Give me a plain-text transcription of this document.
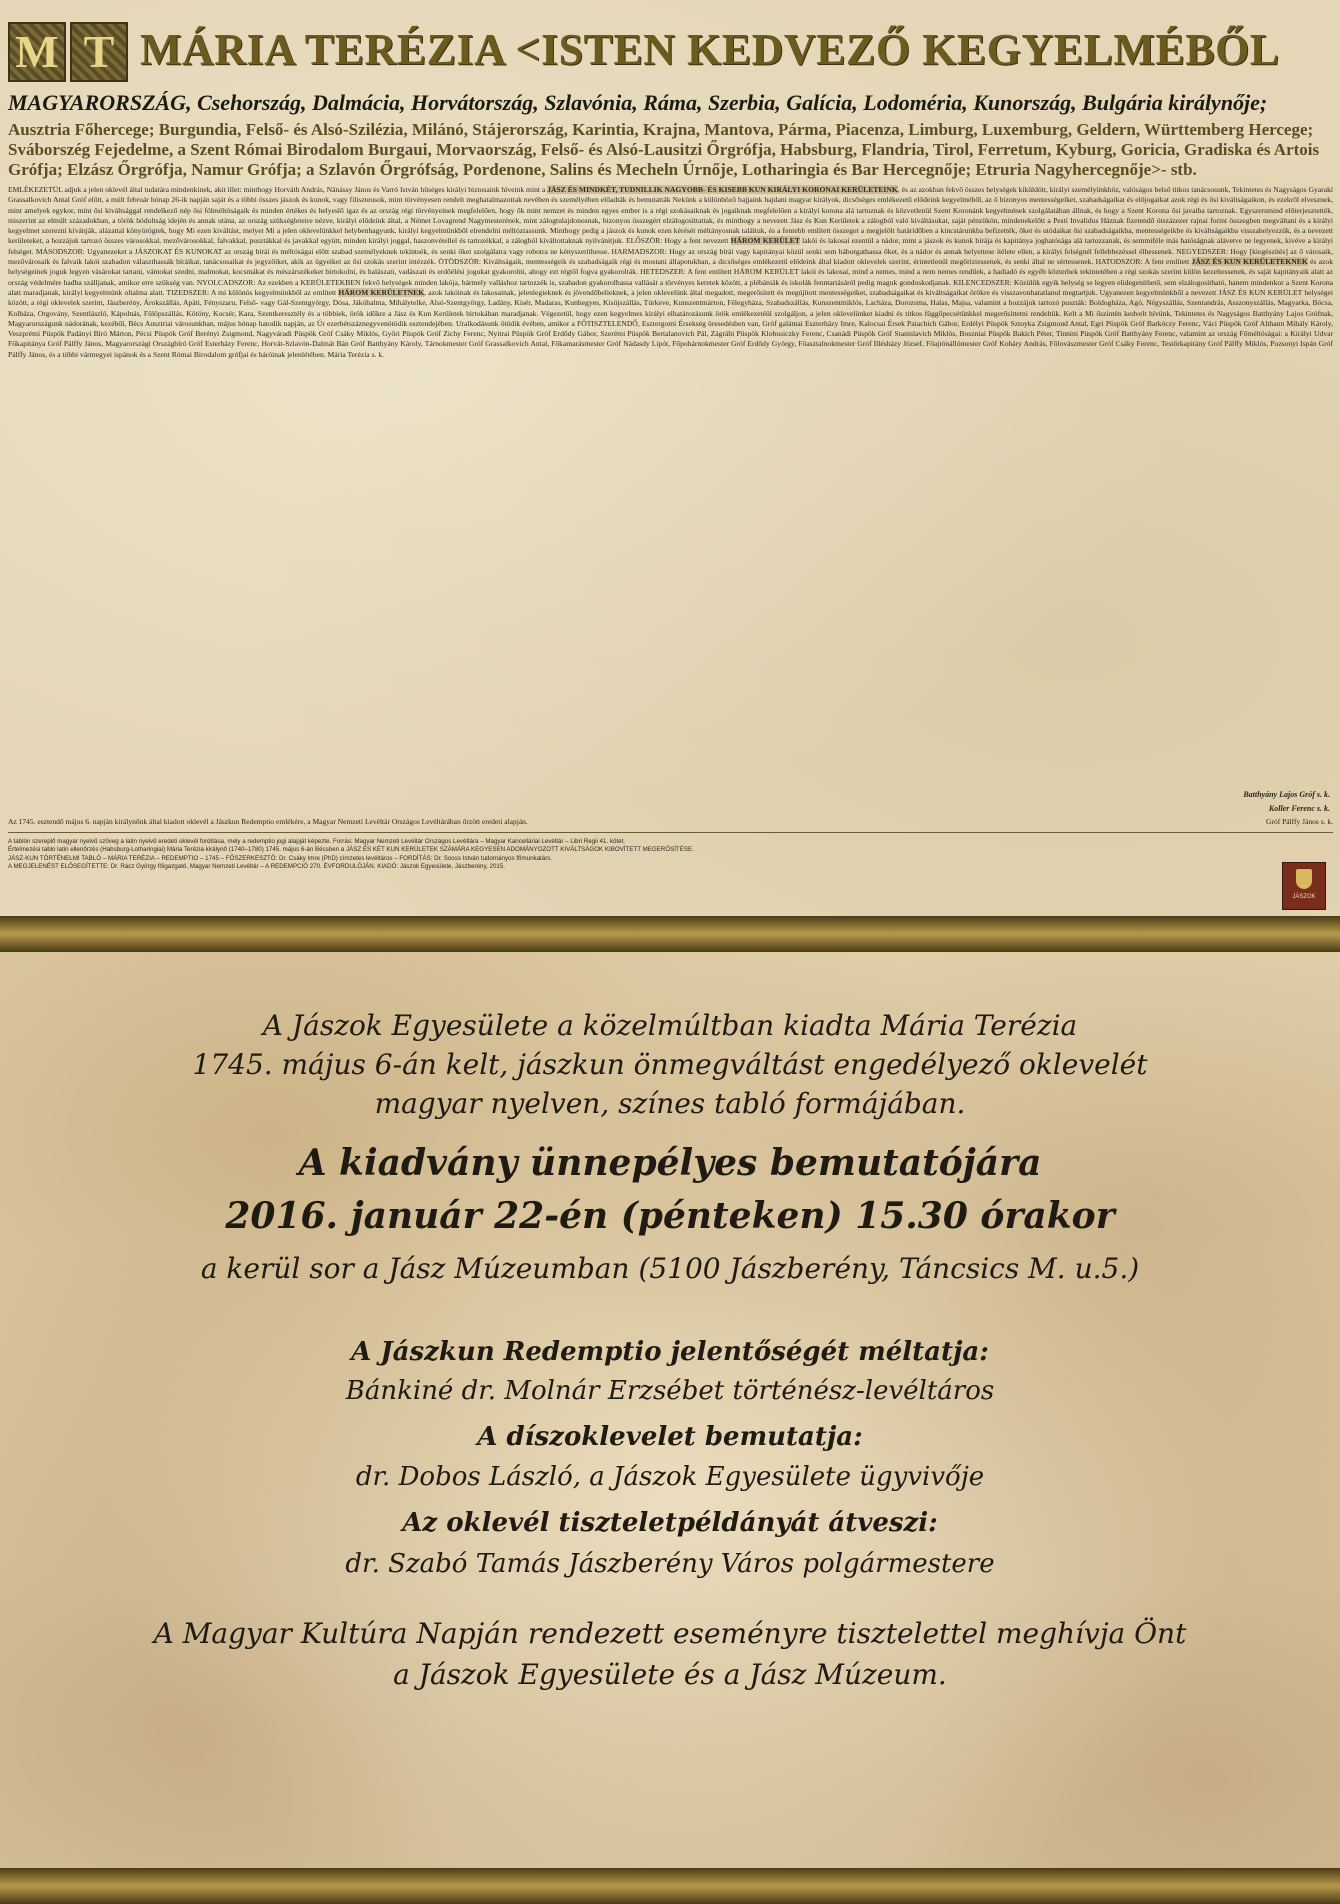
M T MÁRIA TERÉZIA <ISTEN KEDVEZŐ KEGYELMÉBŐL
MAGYARORSZÁG, Csehország, Dalmácia, Horvátország, Szlavónia, Ráma, Szerbia, Galícia, Lodoméria, Kunország, Bulgária királynője;
Ausztria Főhercege; Burgundia, Felső- és Alsó-Sziléziа, Milánó, Stájerország, Karintia, Krajna, Mantova, Párma, Piacenza, Limburg, Luxemburg, Geldern, Württemberg Hercege; Sváborszég Fejedelme, a Szent Római Birodalom Burgaui, Morvaország, Felső- és Alsó-Lausitzi Őrgrófja, Habsburg, Flandria, Tirol, Ferretum, Kyburg, Goricia, Gradiska és Artois Grófja; Elzász Őrgrófja, Namur Grófja; a Szlavón Őrgrófság, Pordenone, Salins és Mecheln Úrnője, Lotharingia és Bar Hercegnője; Etruria Nagyhercegnője>- stb.
EMLÉKEZETÜL adjuk a jelen oklevél által tudatára mindenkinek, akit illet: minthogy Horváth András, Nánássy János és Varró István hűséges királyi biztosaink híveink mint a JÁSZ ÉS MINDKÉT, TUDNILLIK NAGYOBB- ÉS KISEBB KUN KIRÁLYI KORONAI KERÜLETEINK, és az azokban fekvő összes helységek kiküldött, királyi személyünkhöz, valóságos belső titkos tanácsosunk, Tekintetes és Nagyságos Gyarakí Grassalkovich Antal Gróf előtt, a múlt február hónap 26-ik napján saját és a többi összes jászok és kunok, vagy filiszteusok, mint törvényesen rendelt meghatalmazottak nevében és személyében előadták és bemutatták Nekünk a különböző bajjaink hajdani magyar királyok, dicsőséges emlékezetű elődeink kegyelméből, az ő bizonyos mentességeiket, szabadságaikat és előjogaikat azok régi és ősi kiváltságaikon, és ezekről elvesznek, mint amelyek egykor, mint ősi kiváltsággal rendelkező nép ősi fölméltóságaik és minden értékes és helyeslő igaz és az ország régi törvényeinek megfelelően, hogy ők mint nemzet és minden egyes ember is a régi szokásaiknak és jogaiknak megfelelően a királyi korona alá tartoznak és közvetlenül Szent Koronánk kegyelmének szolgálatában állnak, és hogy a Szent Korona ősi javaiba tartoznak. Egyszersmind előterjesztették, miszerint az elmúlt századokban, a török hódoltság idején és annak utána, az ország szükségleteire nézve, királyi elődeink által, a Német Lovagrend Nagymesterének, mint zálogtulajdonosnak, bizonyos összegért elzálogosíttattak, és minthogy a nevezett Jász és Kun Kerületek a zálogból való kiváltásukat, saját pénzükön, mindenekelőtt a Pesti Invalidus Háznak fizetendő ötszázezer rajnai forint összegben megváltani és a királyi kegyelmet szerezni kívánják, alázattal könyörögtek, hogy Mi ezen kiváltást, melyet Mi a jelen oklevelünkkel helybenhagyunk, királyi kegyelmünkből elrendelni méltóztassunk. Minthogy pedig a jászok és kunok ezen kérését méltányosnak találtuk, és a fentebb említett összeget a megjelölt határidőben a kincstárunkba befizették, őket és utódaikat ősi szabadságaikba, mentességeikbe és kiváltságaikba visszahelyezzük, és a nevezett kerületeket, a hozzájuk tartozó összes városokkal, mezővárosokkal, falvakkal, pusztákkal és javakkal együtt, minden királyi joggal, haszonvétellel és tartozékkal, a zálogból kiváltottaknak nyilvánítjuk. ELŐSZÖR: Hogy a fent nevezett HÁROM KERÜLET lakói és lakosai ezentúl a nádor, mint a jászok és kunok bírája és kapitánya joghatósága alá tartozzanak, és semmiféle más hatóságnak alávetve ne legyenek, kivéve a királyi felséget. MÁSODSZOR: Ugyanezeket a JÁSZOKAT ÉS KUNOKAT az ország bírái és méltóságai előtt szabad személyeknek tekintsék, és senki őket szolgálatra vagy robotra ne kényszeríthesse. HARMADSZOR: Hogy az ország bírái vagy kapitányai közül senki sem háborgathassa őket, és a nádor és annak helyettese ítélete ellen, a királyi felségnél fellebbezéssel élhessenek. NEGYEDSZER: Hogy [kiegészítés] az ő városaik, mezővárosaik és falvaik lakói szabadon választhassák bíráikat, tanácsosaikat és jegyzőiket, akik az ügyeiket az ősi szokás szerint intézzék. ÖTÖDSZÖR: Kiváltságaik, mentességeik és szabadságaik régi és mostani állapotukban, a dicsőséges emlékezetű elődeink által kiadott oklevelek szerint, érintetlenül megőriztessenek, és senki által ne sértessenek. HATODSZOR: A fent említett JÁSZ ÉS KUN KERÜLETEKNEK és azok helységeinek joguk legyen vásárokat tartani, vámokat szedni, malmokat, kocsmákat és mészárszékeket birtokolni, és halászati, vadászati és erdőélési jogukat gyakorolni, ahogy ezt régtől fogva gyakorolták. HETEDSZER: A fent említett HÁROM KERÜLET lakói és lakosai, mind a nemes, mind a nem nemes rendűek, a hadiadó és egyéb közterhek tekintetében a régi szokás szerint külön kezeltessenek, és saját kapitányaik alatt az ország védelmére hadba szálljanak, amikor erre szükség van. NYOLCADSZOR: Az ezekben a KERÜLETEKBEN fekvő helységek minden lakója, bármely valláshoz tartozzék is, szabadon gyakorolhassa vallását a törvényes keretek között, a plébániák és iskolák fenntartásáról pedig maguk gondoskodjanak. KILENCEDSZER: Közülük egyik helység se legyen elidegeníthető, sem elzálogosítható, hanem mindenkor a Szent Korona alatt maradjanak, királyi kegyelmünk oltalma alatt. TIZEDSZER: A mi különös kegyelmünkből az említett HÁROM KERÜLETNEK, azok lakóinak és lakosainak, jelenlegieknek és jövendőbelieknek, a jelen oklevelünk által megadott, megerősített és megújított mentességeiket, szabadságaikat és kiváltságaikat örökre és visszavonhatatlanul megtartjuk. Ugyanezen kegyelmünkből a nevezett JÁSZ ÉS KUN KERÜLET helységei között, a régi oklevelek szerint, Jászberény, Árokszállás, Apáti, Fényszaru, Felső- vagy Gál-Szentgyörgy, Dósa, Jákóhalma, Mihálytelke, Alsó-Szentgyörgy, Ladány, Kisér, Madaras, Kunhegyes, Kisújszállás, Túrkeve, Kunszentmárton, Félegyháza, Szabadszállás, Kunszentmiklós, Lacháza, Dorozsma, Halas, Majsa, valamint a hozzájuk tartozó puszták: Boldogháza, Agó, Négyszállás, Szentandrás, Asszonyszállás, Magyarka, Bócsa, Kolbáza, Orgovány, Szentlászló, Kápolnás, Fülöpszállás, Kötöny, Kocsér, Kara, Szentkeresztély és a többiek, örök időkre a Jász és Kun Kerületek birtokában maradjanak. Végezetül, hogy ezen kegyelmes királyi elhatározásunk örök emlékezetéül szolgáljon, a jelen oklevelünket kiadni és titkos függőpecsétünkkel megerősíttetni rendeltük. Kelt a Mi őszintén kedvelt hívünk, Tekintetes és Nagyságos Batthyány Lajos Grófnak, Magyarországunk nádorának, kezéből, Bécs Ausztriai városunkban, május hónap hatodik napján, az Úr ezerhétszáznegyvenötödik esztendejében. Uralkodásunk ötödik évében, amikor a FŐTISZTELENDŐ, Esztergomi Érsekség üresedésben van, Gróf galántai Eszterházy Imre, Kalocsai Érsek Patachich Gábor, Erdélyi Püspök Sztoyka Zsigmond Antal, Egri Püspök Gróf Barkóczy Ferenc, Váci Püspök Gróf Althann Mihály Károly, Veszprémi Püspök Padányi Bíró Márton, Pécsi Püspök Gróf Berényi Zsigmond, Nagyváradi Püspök Gróf Csáky Miklós, Győri Püspök Gróf Zichy Ferenc, Nyitrai Püspök Gróf Erdődy Gábor, Szerémi Püspök Bertalanovich Pál, Zágrábi Püspök Klobusiczky Ferenc, Csanádi Püspök Gróf Stanislavich Miklós, Boszniai Püspök Bakich Péter, Tinnini Püspök Gróf Batthyány Ferenc, valamint az ország Főméltóságai: a Királyi Udvar Főkapitánya Gróf Pálffy János, Magyarországi Országbíró Gróf Esterházy Ferenc, Horvát-Szlavón-Dalmát Bán Gróf Batthyány Károly, Tárnokmester Gróf Grassalkovich Antal, Főkamarásmester Gróf Nádasdy Lipót, Főpohárnokmester Gróf Erdődy György, Főasztalnokmester Gróf Illésházy József, Főajtónállómester Gróf Koháry András, Főlovászmester Gróf Csáky Ferenc, Testőrkapitány Gróf Pálffy Miklós, Pozsonyi Ispán Gróf Pálffy János, és a többi vármegyei ispánok és a Szent Római Birodalom grófjai és báróinak jelenlétében. Mária Terézia s. k.
Batthyány Lajos Gróf s. k.
Koller Ferenc s. k.
Az 1745. esztendő május 6. napján királynőnk által kiadott oklevél a Jászkun Redemptio emlékére, a Magyar Nemzeti Levéltár Országos Levéltárában őrzött eredeti alapján.	Gróf Pálffy János s. k.
A tablón szereplő magyar nyelvű szöveg a latin nyelvű eredeti oklevél fordítása, mely a redemptio jogi alapját képezte. Forrás: Magyar Nemzeti Levéltár Országos Levéltára – Magyar Kancelláriai Levéltár – Libri Regii 41. kötet.
Értelmezési tablo latin ellenőrzés (Habsburg-Lotharingiai) Mária Terézia királynő (1740–1780) 1745. május 6-án Bécsben a JÁSZ ÉS KÉT KUN KERÜLETEK SZÁMÁRA KEGYESEN ADOMÁNYOZOTT KIVÁLTSÁGOK KIBOVÍTETT MEGERŐSÍTÉSE.
JÁSZ-KUN TÖRTÉNELMI TABLÓ – MÁRIA TERÉZIA – REDEMPTIO – 1745 – FŐSZERKESZTŐ: Dr. Csáky Imre (PhD) címzetes levéltáros – FORDÍTÁS: Dr. Sooss István tudományos főmunkatárs.
A MEGJELENÉST ELŐSEGÍTETTE: Dr. Rácz György főigazgató, Magyar Nemzeti Levéltár – A REDEMPCIÓ 270. ÉVFORDULÓJÁN. KIADÓ: Jászok Egyesülete, Jászberény, 2015.
JÁSZOK
A Jászok Egyesülete a közelmúltban kiadta Mária Terézia
1745. május 6-án kelt, jászkun önmegváltást engedélyező oklevelét
magyar nyelven, színes tabló formájában.
A kiadvány ünnepélyes bemutatójára
2016. január 22-én (pénteken) 15.30 órakor
a kerül sor a Jász Múzeumban (5100 Jászberény, Táncsics M. u.5.)
A Jászkun Redemptio jelentőségét méltatja:
Bánkiné dr. Molnár Erzsébet történész-levéltáros
A díszoklevelet bemutatja:
dr. Dobos László, a Jászok Egyesülete ügyvivője
Az oklevél tiszteletpéldányát átveszi:
dr. Szabó Tamás Jászberény Város polgármestere
A Magyar Kultúra Napján rendezett eseményre tisztelettel meghívja Önt
a Jászok Egyesülete és a Jász Múzeum.
